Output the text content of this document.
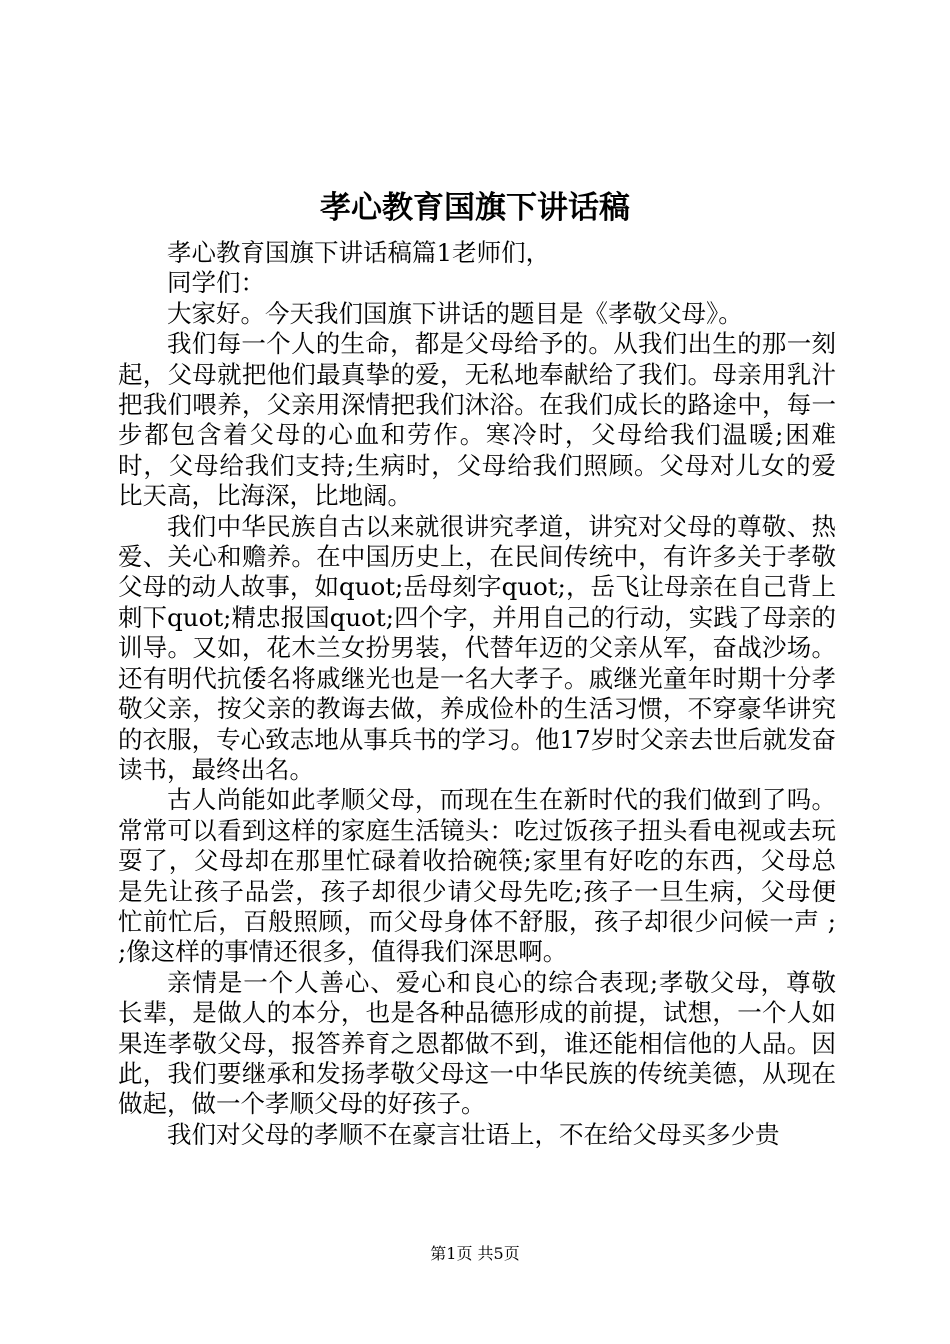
孝心教育国旗下讲话稿

孝心教育国旗下讲话稿篇1老师们，

同学们：

大家好。今天我们国旗下讲话的题目是《孝敬父母》。

我们每一个人的生命，都是父母给予的。从我们出生的那一刻起，父母就把他们最真挚的爱，无私地奉献给了我们。母亲用乳汁把我们喂养，父亲用深情把我们沐浴。在我们成长的路途中，每一步都包含着父母的心血和劳作。寒冷时，父母给我们温暖;困难时，父母给我们支持;生病时，父母给我们照顾。父母对儿女的爱比天高，比海深，比地阔。

我们中华民族自古以来就很讲究孝道，讲究对父母的尊敬、热爱、关心和赡养。在中国历史上，在民间传统中，有许多关于孝敬父母的动人故事，如quot;岳母刻字quot;，岳飞让母亲在自己背上刺下quot;精忠报国quot;四个字，并用自己的行动，实践了母亲的训导。又如，花木兰女扮男装，代替年迈的父亲从军，奋战沙场。还有明代抗倭名将戚继光也是一名大孝子。戚继光童年时期十分孝敬父亲，按父亲的教诲去做，养成俭朴的生活习惯，不穿豪华讲究的衣服，专心致志地从事兵书的学习。他17岁时父亲去世后就发奋读书，最终出名。

古人尚能如此孝顺父母，而现在生在新时代的我们做到了吗。常常可以看到这样的家庭生活镜头：吃过饭孩子扭头看电视或去玩耍了，父母却在那里忙碌着收拾碗筷;家里有好吃的东西，父母总是先让孩子品尝，孩子却很少请父母先吃;孩子一旦生病，父母便忙前忙后，百般照顾，而父母身体不舒服，孩子却很少问候一声 ; ;像这样的事情还很多，值得我们深思啊。

亲情是一个人善心、爱心和良心的综合表现;孝敬父母，尊敬长辈，是做人的本分，也是各种品德形成的前提，试想，一个人如果连孝敬父母，报答养育之恩都做不到，谁还能相信他的人品。因此，我们要继承和发扬孝敬父母这一中华民族的传统美德，从现在做起，做一个孝顺父母的好孩子。

我们对父母的孝顺不在豪言壮语上，不在给父母买多少贵

第1页 共5页
